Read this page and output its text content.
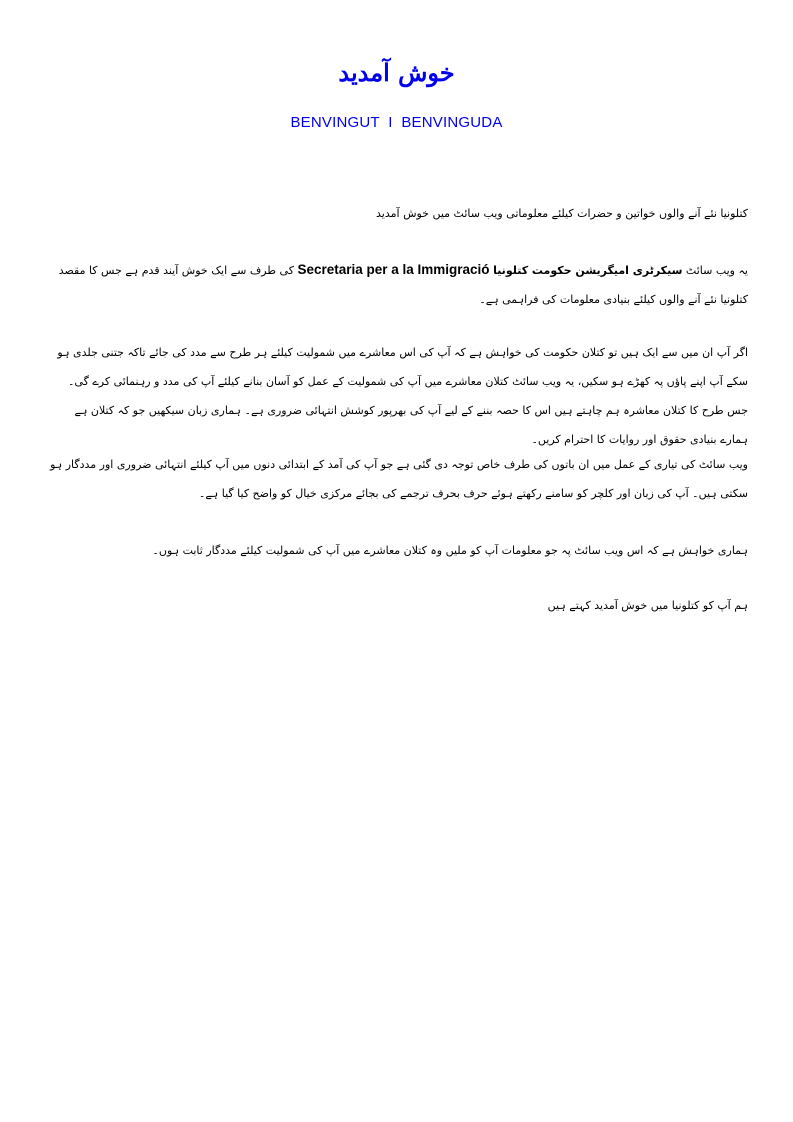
خوش آمدید
BENVINGUT  I  BENVINGUDA
کتلونیا نئے آنے والوں خواتین و حضرات کیلئے معلوماتی ویب سائٹ میں خوش آمدید
یہ ویب سائٹ سیکرٹری امیگریشن حکومت کتلونیا Secretaria per a la Immigració کی طرف سے ایک خوش آیند قدم ہے جس کا مقصد کتلونیا نئے آنے والوں کیلئے بنیادی معلومات کی فراہمی ہے۔
اگر آپ ان میں سے ایک ہیں تو کتلان حکومت کی خواہش ہے کہ آپ کی اس معاشرے میں شمولیت کیلئے ہر طرح سے مدد کی جائے تاکہ جتنی جلدی ہو سکے آپ اپنے پاؤں پہ کھڑے ہو سکیں، یہ ویب سائٹ کتلان معاشرے میں آپ کی شمولیت کے عمل کو آسان بنانے کیلئے آپ کی مدد و رہنمائی کرے گی۔ جس طرح کا کتلان معاشرہ ہم چاہتے ہیں اس کا حصہ بننے کے لیے آپ کی بھرپور کوشش انتہائی ضروری ہے۔ ہماری زبان سیکھیں جو کہ کتلان ہے ہمارے بنیادی حقوق اور روایات کا احترام کریں۔
ویب سائٹ کی تیاری کے عمل میں ان باتوں کی طرف خاص توجہ دی گئی ہے جو آپ کی آمد کے ابتدائی دنوں میں آپ کیلئے انتہائی ضروری اور مددگار ہو سکتی ہیں۔ آپ کی زبان اور کلچر کو سامنے رکھتے ہوئے حرف بحرف ترجمے کی بجائے مرکزی خیال کو واضح کیا گیا ہے۔
ہماری خواہش ہے کہ اس ویب سائٹ پہ جو معلومات آپ کو ملیں وہ کتلان معاشرے میں آپ کی شمولیت کیلئے مددگار ثابت ہوں۔
ہم آپ کو کتلونیا میں خوش آمدید کہتے ہیں
